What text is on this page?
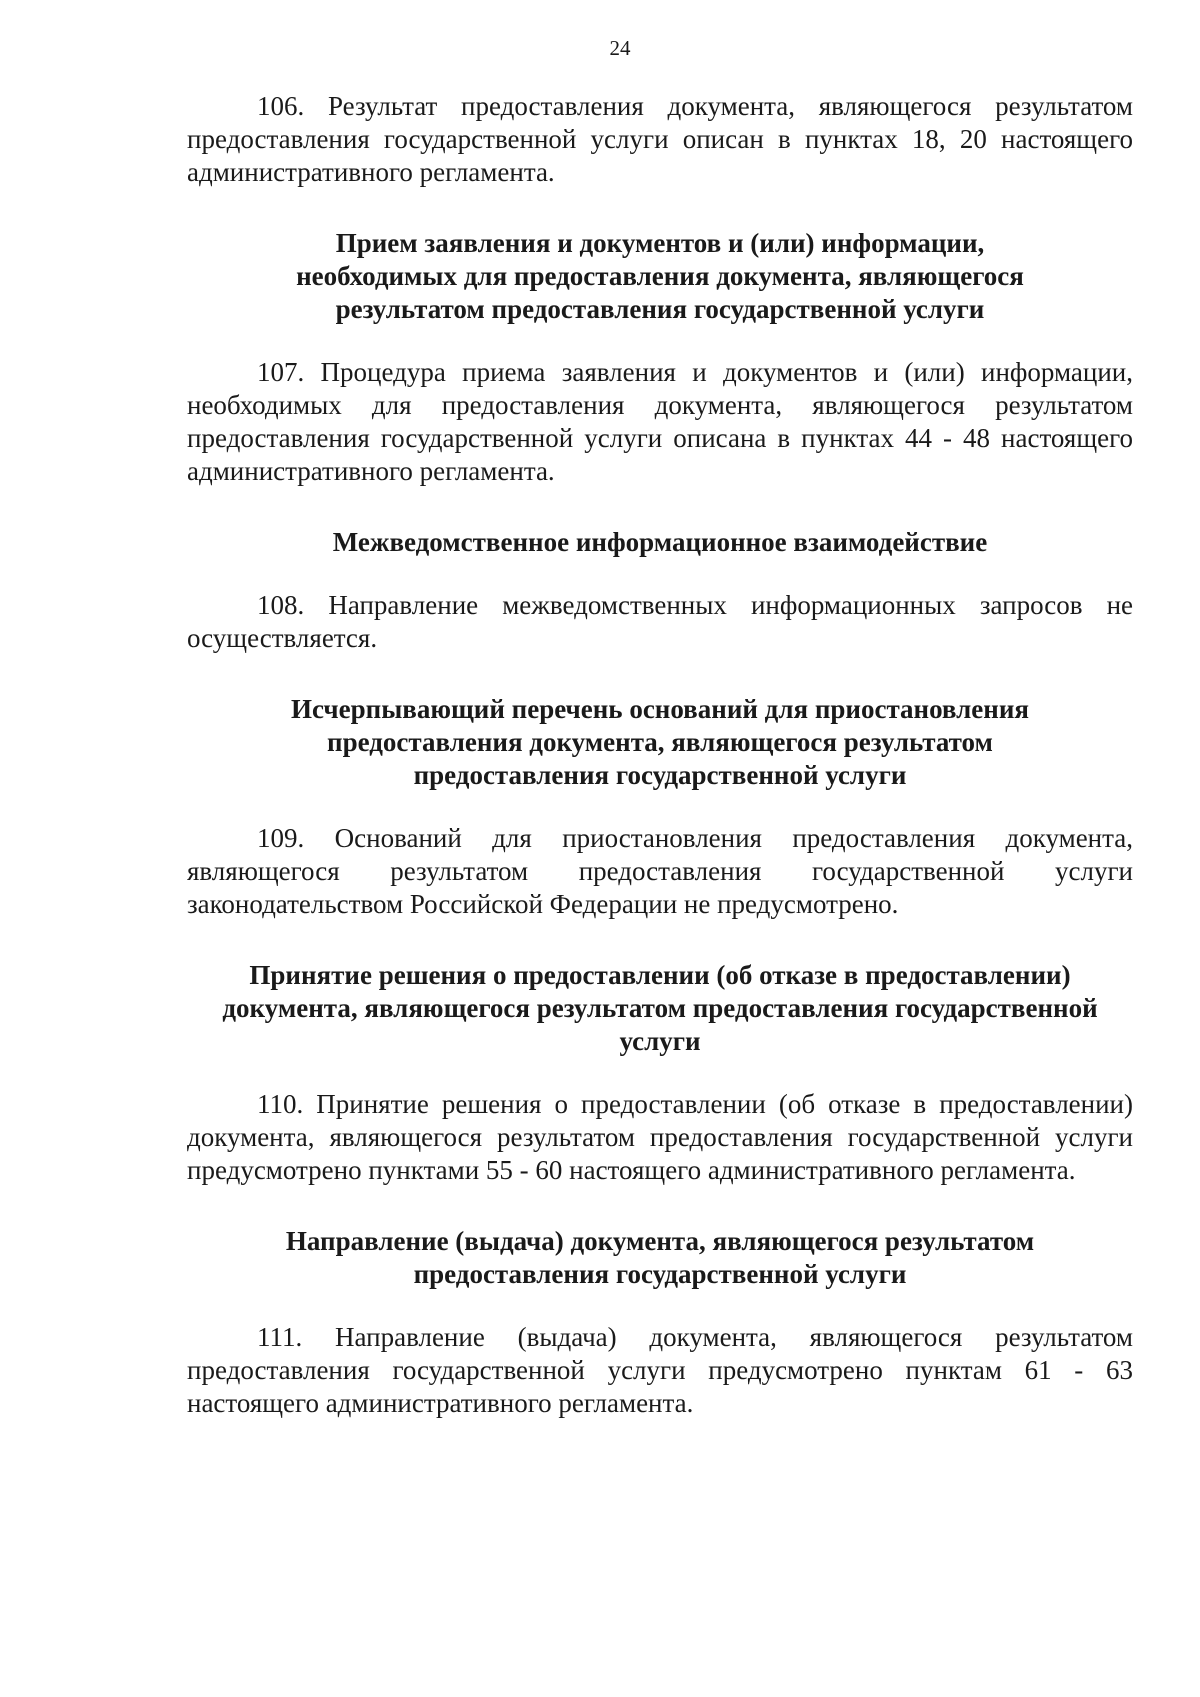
24

106. Результат предоставления документа, являющегося результатом предоставления государственной услуги описан в пунктах 18, 20 настоящего административного регламента.

Прием заявления и документов и (или) информации,
необходимых для предоставления документа, являющегося
результатом предоставления государственной услуги

107. Процедура приема заявления и документов и (или) информации, необходимых для предоставления документа, являющегося результатом предоставления государственной услуги описана в пунктах 44 - 48 настоящего административного регламента.

Межведомственное информационное взаимодействие

108. Направление межведомственных информационных запросов не осуществляется.

Исчерпывающий перечень оснований для приостановления
предоставления документа, являющегося результатом
предоставления государственной услуги

109. Оснований для приостановления предоставления документа, являющегося результатом предоставления государственной услуги законодательством Российской Федерации не предусмотрено.

Принятие решения о предоставлении (об отказе в предоставлении)
документа, являющегося результатом предоставления государственной
услуги

110. Принятие решения о предоставлении (об отказе в предоставлении) документа, являющегося результатом предоставления государственной услуги предусмотрено пунктами 55 - 60 настоящего административного регламента.

Направление (выдача) документа, являющегося результатом
предоставления государственной услуги

111. Направление (выдача) документа, являющегося результатом предоставления государственной услуги предусмотрено пунктам 61 - 63 настоящего административного регламента.
